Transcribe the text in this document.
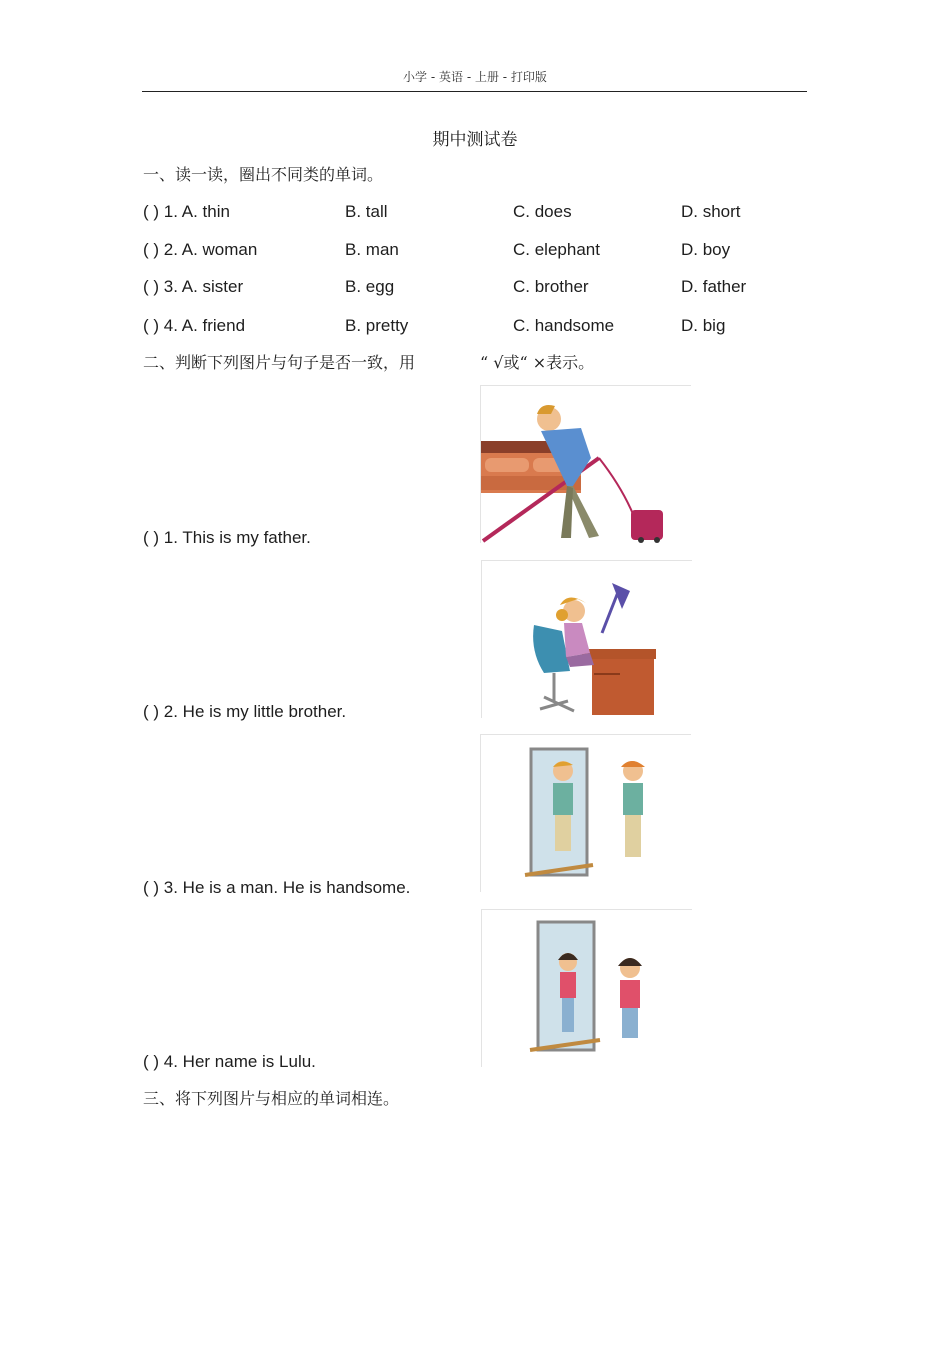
小学 - 英语 - 上册 - 打印版
期中测试卷
一、读一读，圈出不同类的单词。
( ) 1. A. thin	B. tall	C. does	D. short
( ) 2. A. woman	B. man	C. elephant	D. boy
( ) 3. A. sister	B. egg	C. brother	D. father
( ) 4. A. friend	B. pretty	C. handsome	D. big
二、判断下列图片与句子是否一致，用	“ √或“ ×表示。
( ) 1. This is my father.
( ) 2. He is my little brother.
( ) 3. He is a man. He is handsome.
( ) 4. Her name is Lulu.
三、将下列图片与相应的单词相连。
